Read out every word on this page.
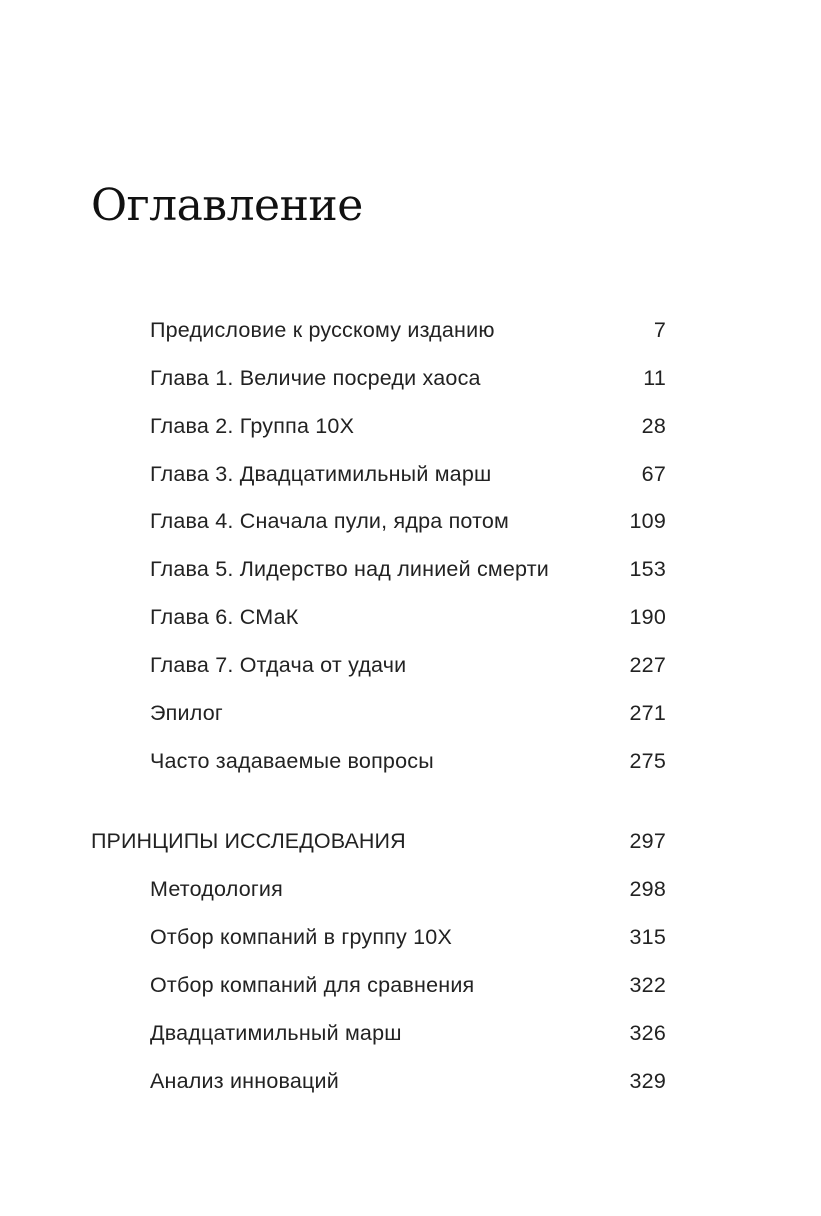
Оглавление
Предисловие к русскому изданию	7
Глава 1. Величие посреди хаоса	11
Глава 2. Группа 10Х	28
Глава 3. Двадцатимильный марш	67
Глава 4. Сначала пули, ядра потом	109
Глава 5. Лидерство над линией смерти	153
Глава 6. СМаК	190
Глава 7. Отдача от удачи	227
Эпилог	271
Часто задаваемые вопросы	275
ПРИНЦИПЫ ИССЛЕДОВАНИЯ	297
Методология	298
Отбор компаний в группу 10Х	315
Отбор компаний для сравнения	322
Двадцатимильный марш	326
Анализ инноваций	329
